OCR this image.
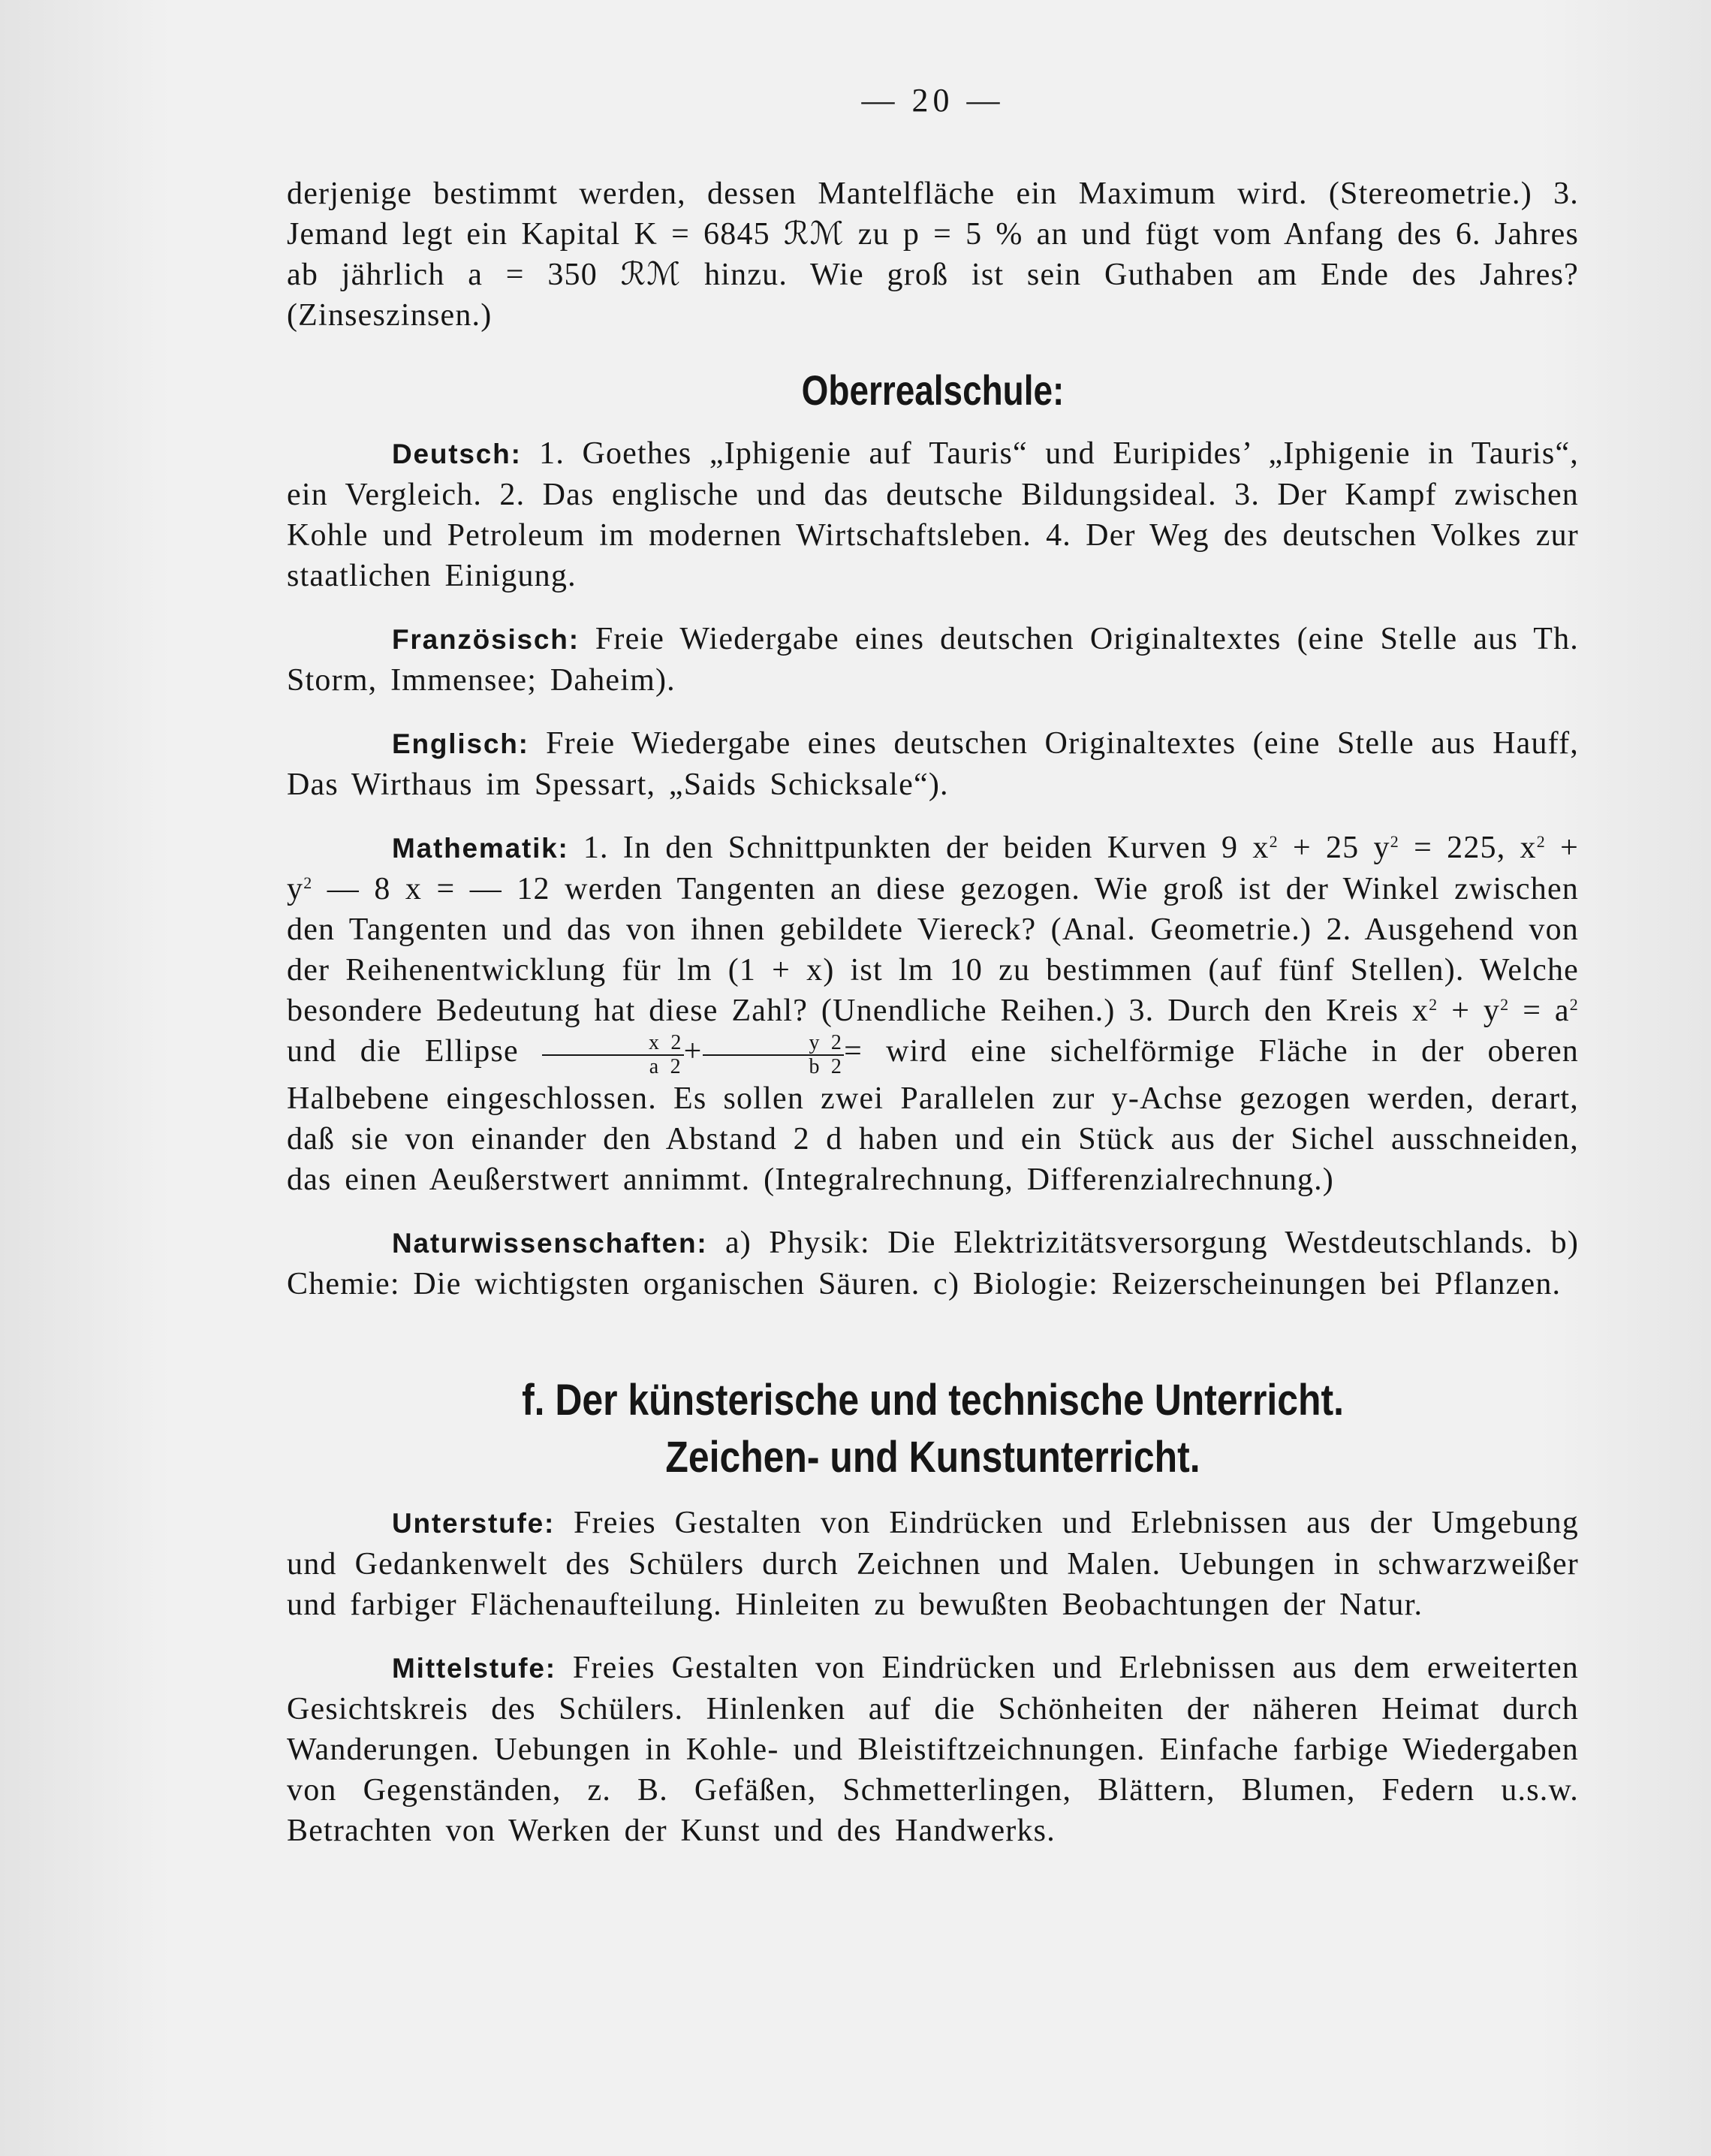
— 20 —

derjenige bestimmt werden, dessen Mantelfläche ein Maximum wird. (Stereometrie.) 3. Jemand legt ein Kapital K = 6845 ℛℳ zu p = 5 % an und fügt vom Anfang des 6. Jahres ab jährlich a = 350 ℛℳ hinzu. Wie groß ist sein Guthaben am Ende des Jahres? (Zinseszinsen.)

Oberrealschule:

Deutsch: 1. Goethes „Iphigenie auf Tauris“ und Euripides’ „Iphigenie in Tauris“, ein Vergleich. 2. Das englische und das deutsche Bildungsideal. 3. Der Kampf zwischen Kohle und Petroleum im modernen Wirtschaftsleben. 4. Der Weg des deutschen Volkes zur staatlichen Einigung.

Französisch: Freie Wiedergabe eines deutschen Originaltextes (eine Stelle aus Th. Storm, Immensee; Daheim).

Englisch: Freie Wiedergabe eines deutschen Originaltextes (eine Stelle aus Hauff, Das Wirthaus im Spessart, „Saids Schicksale“).

Mathematik: 1. In den Schnittpunkten der beiden Kurven 9 $x^2 + 25$ $y^2 = 225$, $x^2 + y^2$ — 8 x = — 12 werden Tangenten an diese gezogen. Wie groß ist der Winkel zwischen den Tangenten und das von ihnen gebildete Viereck? (Anal. Geometrie.) 2. Ausgehend von der Reihenentwicklung für lm (1 + x) ist lm 10 zu bestimmen (auf fünf Stellen). Welche besondere Bedeutung hat diese Zahl? (Unendliche Reihen.) 3. Durch den Kreis $x^2 + y^2 = a^2$ und die Ellipse $\frac{x 2}{a 2} + \frac{y 2}{b 2}$ = wird eine sichelförmige Fläche in der oberen Halbebene eingeschlossen. Es sollen zwei Parallelen zur y-Achse gezogen werden, derart, daß sie von einander den Abstand 2 d haben und ein Stück aus der Sichel ausschneiden, das einen Aeußerstwert annimmt. (Integralrechnung, Differenzialrechnung.)

Naturwissenschaften: a) Physik: Die Elektrizitätsversorgung Westdeutschlands. b) Chemie: Die wichtigsten organischen Säuren. c) Biologie: Reizerscheinungen bei Pflanzen.

f. Der künsterische und technische Unterricht.
Zeichen- und Kunstunterricht.

Unterstufe: Freies Gestalten von Eindrücken und Erlebnissen aus der Umgebung und Gedankenwelt des Schülers durch Zeichnen und Malen. Uebungen in schwarzweißer und farbiger Flächenaufteilung. Hinleiten zu bewußten Beobachtungen der Natur.

Mittelstufe: Freies Gestalten von Eindrücken und Erlebnissen aus dem erweiterten Gesichtskreis des Schülers. Hinlenken auf die Schönheiten der näheren Heimat durch Wanderungen. Uebungen in Kohle- und Bleistiftzeichnungen. Einfache farbige Wiedergaben von Gegenständen, z. B. Gefäßen, Schmetterlingen, Blättern, Blumen, Federn u.s.w. Betrachten von Werken der Kunst und des Handwerks.
